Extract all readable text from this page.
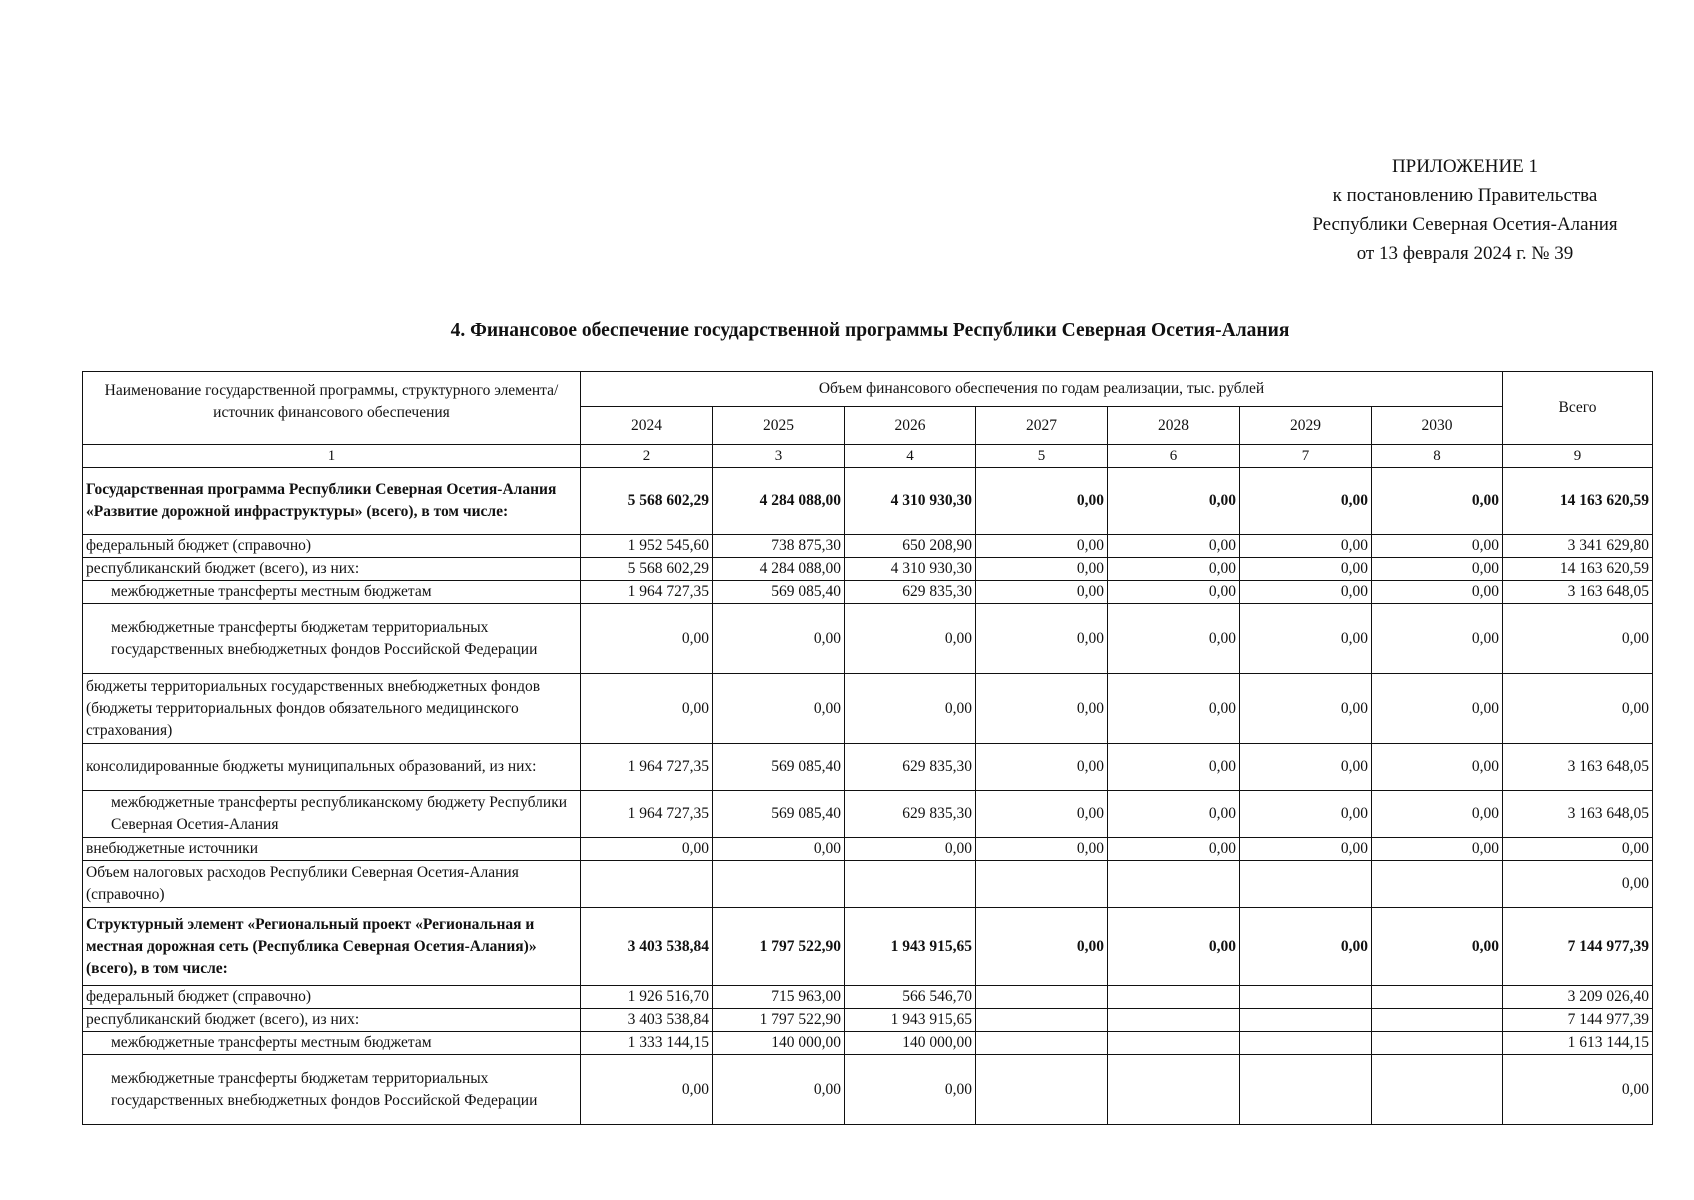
ПРИЛОЖЕНИЕ 1
к постановлению Правительства
Республики Северная Осетия-Алания
от 13 февраля 2024 г. № 39
4. Финансовое обеспечение государственной программы Республики Северная Осетия-Алания
Наименование государственной программы, структурного элемента/источник финансового обеспечения	Объем финансового обеспечения по годам реализации, тыс. рублей							Всего
	2024	2025	2026	2027	2028	2029	2030	
1	2	3	4	5	6	7	8	9
Государственная программа Республики Северная Осетия-Алания «Развитие дорожной инфраструктуры» (всего), в том числе:	5 568 602,29	4 284 088,00	4 310 930,30	0,00	0,00	0,00	0,00	14 163 620,59
федеральный бюджет (справочно)	1 952 545,60	738 875,30	650 208,90	0,00	0,00	0,00	0,00	3 341 629,80
республиканский бюджет (всего), из них:	5 568 602,29	4 284 088,00	4 310 930,30	0,00	0,00	0,00	0,00	14 163 620,59
межбюджетные трансферты местным бюджетам	1 964 727,35	569 085,40	629 835,30	0,00	0,00	0,00	0,00	3 163 648,05
межбюджетные трансферты бюджетам территориальных государственных внебюджетных фондов Российской Федерации	0,00	0,00	0,00	0,00	0,00	0,00	0,00	0,00
бюджеты территориальных государственных внебюджетных фондов (бюджеты территориальных фондов обязательного медицинского страхования)	0,00	0,00	0,00	0,00	0,00	0,00	0,00	0,00
консолидированные бюджеты муниципальных образований, из них:	1 964 727,35	569 085,40	629 835,30	0,00	0,00	0,00	0,00	3 163 648,05
межбюджетные трансферты республиканскому бюджету Республики Северная Осетия-Алания	1 964 727,35	569 085,40	629 835,30	0,00	0,00	0,00	0,00	3 163 648,05
внебюджетные источники	0,00	0,00	0,00	0,00	0,00	0,00	0,00	0,00
Объем налоговых расходов Республики Северная Осетия-Алания (справочно)								0,00
Структурный элемент «Региональный проект «Региональная и местная дорожная сеть (Республика Северная Осетия-Алания)» (всего), в том числе:	3 403 538,84	1 797 522,90	1 943 915,65	0,00	0,00	0,00	0,00	7 144 977,39
федеральный бюджет (справочно)	1 926 516,70	715 963,00	566 546,70					3 209 026,40
республиканский бюджет (всего), из них:	3 403 538,84	1 797 522,90	1 943 915,65					7 144 977,39
межбюджетные трансферты местным бюджетам	1 333 144,15	140 000,00	140 000,00					1 613 144,15
межбюджетные трансферты бюджетам территориальных государственных внебюджетных фондов Российской Федерации	0,00	0,00	0,00					0,00
